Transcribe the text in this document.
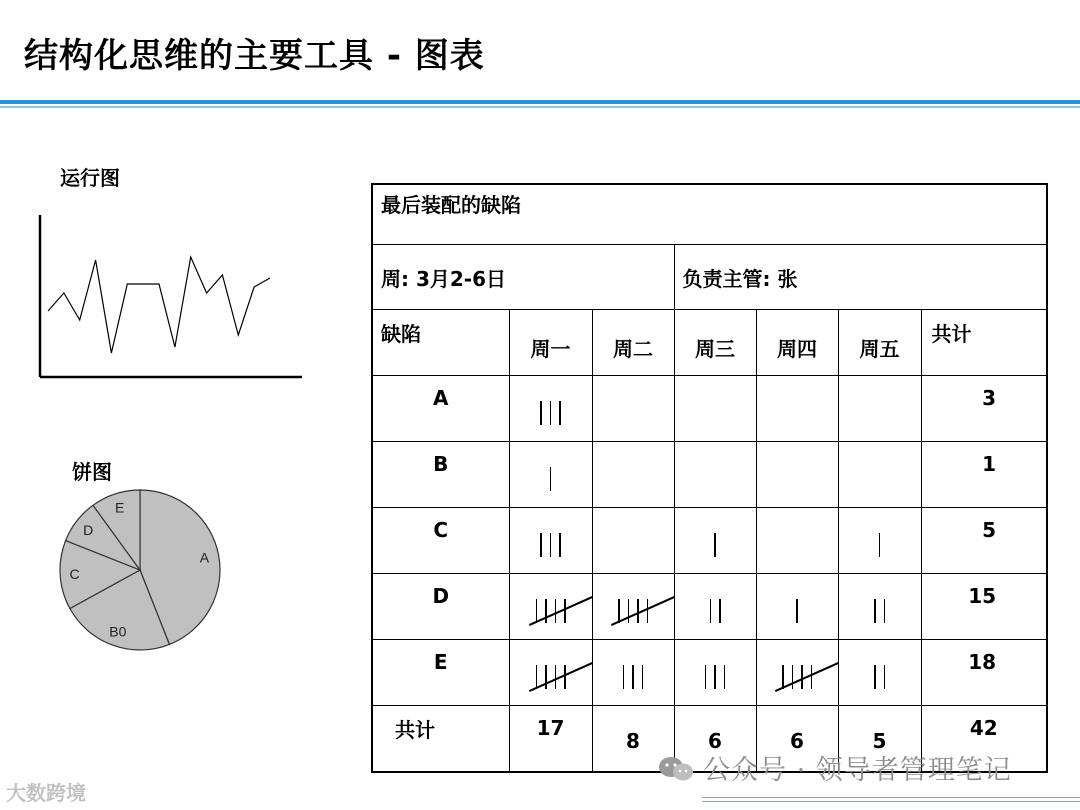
结构化思维的主要工具 - 图表
运行图
饼图
A
B0
C
D
E
最后装配的缺陷						
周: 3月2-6日			负责主管: 张			
缺陷	周一	周二	周三	周四	周五	共计
A						3
B						1
C						5
D						15
E						18
共计	17	8	6	6	5	42
公众号 · 领导者管理笔记
大数跨境
